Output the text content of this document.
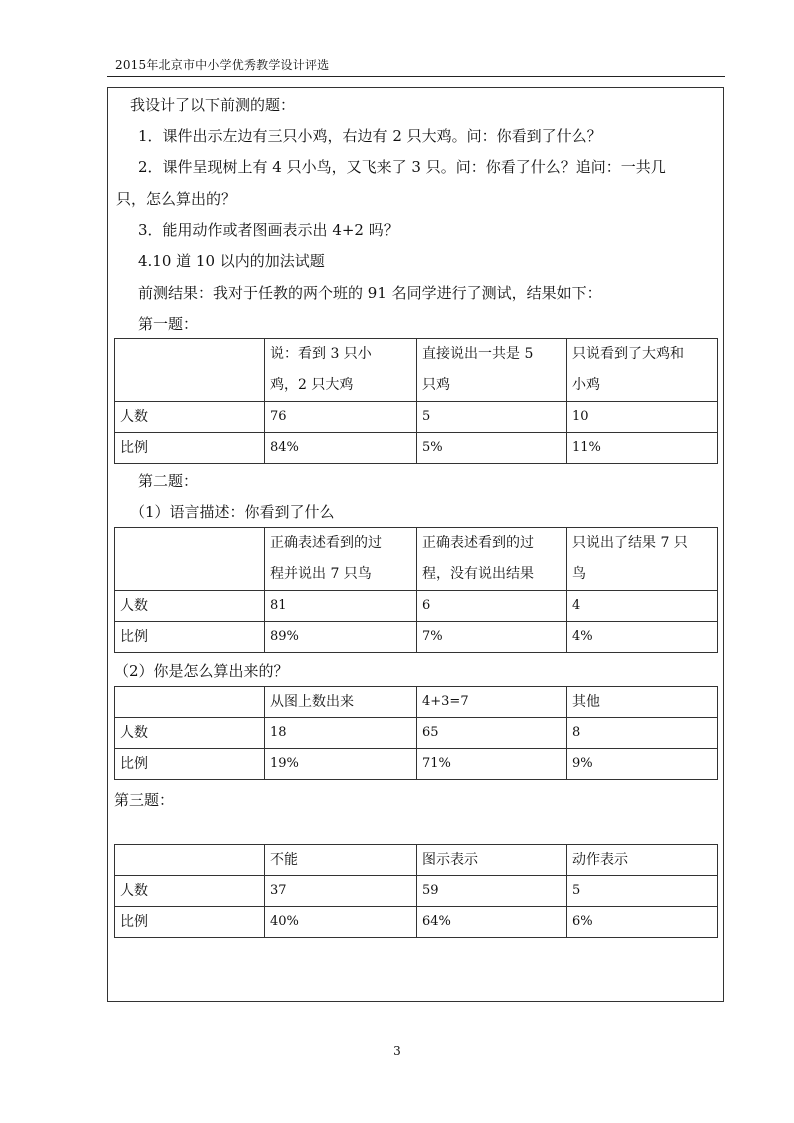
2015年北京市中小学优秀教学设计评选
我设计了以下前测的题：
1．课件出示左边有三只小鸡，右边有 2 只大鸡。问：你看到了什么？
2．课件呈现树上有 4 只小鸟，又飞来了 3 只。问：你看了什么？追问：一共几
只，怎么算出的？
3．能用动作或者图画表示出 4+2 吗？
4.10 道 10 以内的加法试题
前测结果：我对于任教的两个班的 91 名同学进行了测试，结果如下：
第一题：
	说：看到 3 只小
鸡，2 只大鸡	直接说出一共是 5
只鸡	只说看到了大鸡和
小鸡
人数	76	5	10
比例	84%	5%	11%
第二题：
（1）语言描述：你看到了什么
	正确表述看到的过
程并说出 7 只鸟	正确表述看到的过
程，没有说出结果	只说出了结果 7 只
鸟
人数	81	6	4
比例	89%	7%	4%
（2）你是怎么算出来的？
	从图上数出来	4+3=7	其他
人数	18	65	8
比例	19%	71%	9%
第三题：
	不能	图示表示	动作表示
人数	37	59	5
比例	40%	64%	6%
3
